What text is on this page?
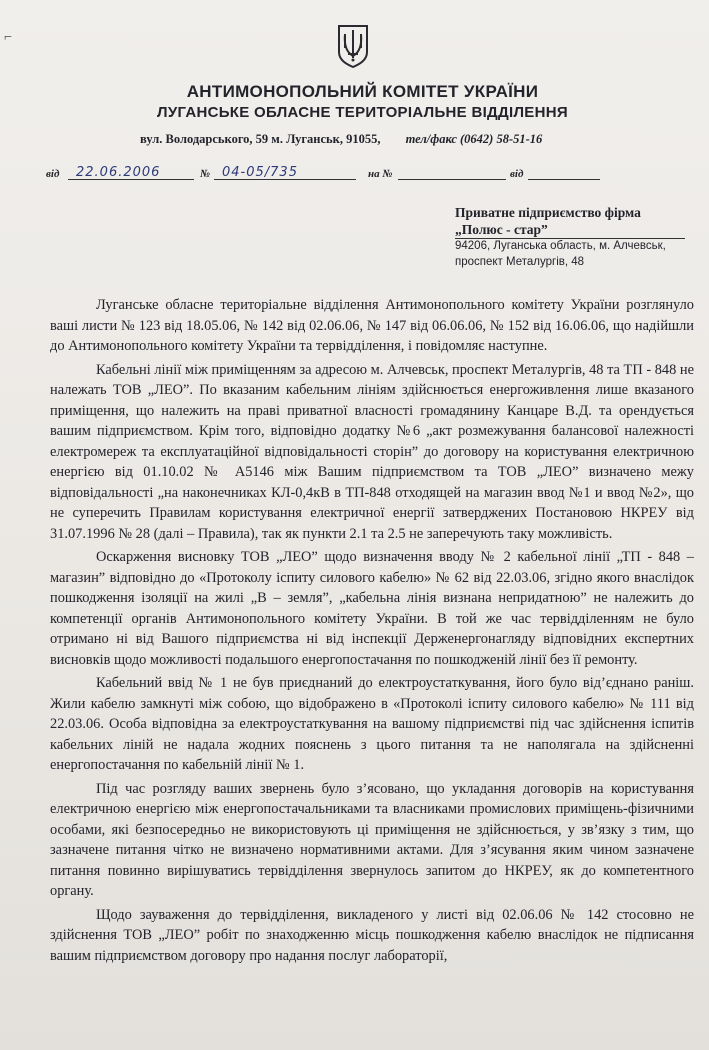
⌐
АНТИМОНОПОЛЬНИЙ КОМІТЕТ УКРАЇНИ
ЛУГАНСЬКЕ ОБЛАСНЕ ТЕРИТОРІАЛЬНЕ ВІДДІЛЕННЯ
вул. Володарського, 59 м. Луганськ, 91055, тел/факс (0642) 58-51-16
від 22.06.2006	№ 04-05/735	на №	від
Приватне підприємство фірма
„Полюс - стар”
94206, Луганська область, м. Алчевськ,
проспект Металургів, 48

Луганське обласне територіальне відділення Антимонопольного комітету України розглянуло ваші листи № 123 від 18.05.06, № 142 від 02.06.06, № 147 від 06.06.06, № 152 від 16.06.06, що надійшли до Антимонопольного комітету України та тервідділення, і повідомляє наступне.

Кабельні лінії між приміщенням за адресою м. Алчевськ, проспект Металургів, 48 та ТП - 848 не належать ТОВ „ЛЕО”. По вказаним кабельним лініям здійснюється енергоживлення лише вказаного приміщення, що належить на праві приватної власності громадянину Канцаре В.Д. та орендується вашим підприємством. Крім того, відповідно додатку №6 „акт розмежування балансової належності електромереж та експлуатаційної відповідальності сторін” до договору на користування електричною енергією від 01.10.02 № А5146 між Вашим підприємством та ТОВ „ЛЕО” визначено межу відповідальності „на наконечниках КЛ-0,4кВ в ТП-848 отходящей на магазин ввод №1 и ввод №2», що не суперечить Правилам користування електричної енергії затверджених Постановою НКРЕУ від 31.07.1996 № 28 (далі – Правила), так як пункти 2.1 та 2.5 не заперечують таку можливість.

Оскарження висновку ТОВ „ЛЕО” щодо визначення вводу № 2 кабельної лінії „ТП - 848 – магазин” відповідно до «Протоколу іспиту силового кабелю» № 62 від 22.03.06, згідно якого внаслідок пошкодження ізоляції на жилі „В – земля”, „кабельна лінія визнана непридатною” не належить до компетенції органів Антимонопольного комітету України. В той же час тервідділенням не було отримано ні від Вашого підприємства ні від інспекції Держенергонагляду відповідних експертних висновків щодо можливості подальшого енергопостачання по пошкодженій лінії без її ремонту.

Кабельний ввід № 1 не був приєднаний до електроустаткування, його було від’єднано раніш. Жили кабелю замкнуті між собою, що відображено в «Протоколі іспиту силового кабелю» № 111 від 22.03.06. Особа відповідна за електроустаткування на вашому підприємстві під час здійснення іспитів кабельних ліній не надала жодних пояснень з цього питання та не наполягала на здійсненні енергопостачання по кабельній лінії № 1.

Під час розгляду ваших звернень було з’ясовано, що укладання договорів на користування електричною енергією між енергопостачальниками та власниками промислових приміщень-фізичними особами, які безпосередньо не використовують ці приміщення не здійснюється, у зв’язку з тим, що зазначене питання чітко не визначено нормативними актами. Для з’ясування яким чином зазначене питання повинно вирішуватись тервідділення звернулось запитом до НКРЕУ, як до компетентного органу.

Щодо зауваження до тервідділення, викладеного у листі від 02.06.06 № 142 стосовно не здійснення ТОВ „ЛЕО” робіт по знаходженню місць пошкодження кабелю внаслідок не підписання вашим підприємством договору про надання послуг лабораторії,
